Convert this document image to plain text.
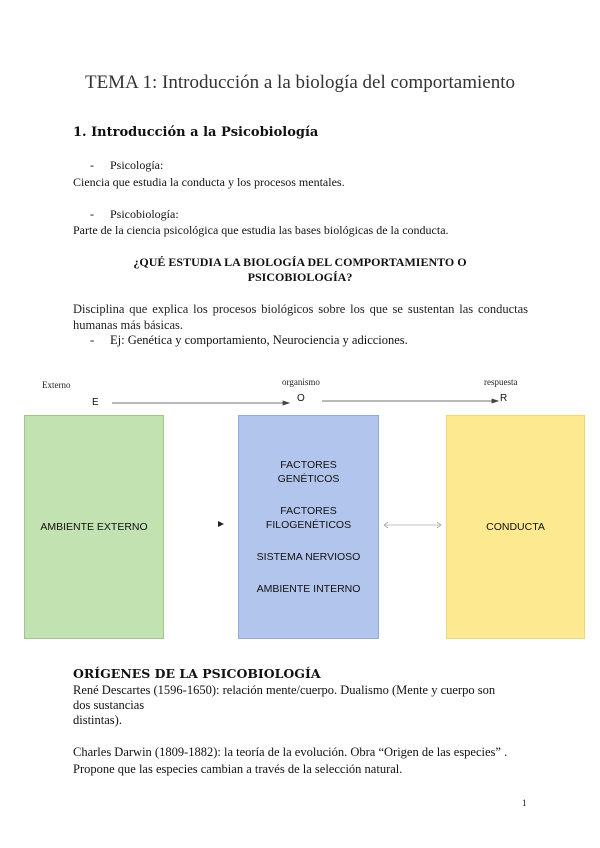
TEMA 1: Introducción a la biología del comportamiento
1. Introducción a la Psicobiología
- Psicología:
Ciencia que estudia la conducta y los procesos mentales.
- Psicobiología:
Parte de la ciencia psicológica que estudia las bases biológicas de la conducta.
¿QUÉ ESTUDIA LA BIOLOGÍA DEL COMPORTAMIENTO O
PSICOBIOLOGÍA?
Disciplina que explica los procesos biológicos sobre los que se sustentan las conductas humanas más básicas.
- Ej: Genética y comportamiento, Neurociencia y adicciones.
Externo	organismo	respuesta
E	O	R
AMBIENTE EXTERNO
FACTORES GENÉTICOS
FACTORES FILOGENÉTICOS
SISTEMA NERVIOSO
AMBIENTE INTERNO
CONDUCTA
ORÍGENES DE LA PSICOBIOLOGÍA
René Descartes (1596-1650): relación mente/cuerpo. Dualismo (Mente y cuerpo son
dos sustancias
distintas).
Charles Darwin (1809-1882): la teoría de la evolución. Obra “Origen de las especies” .
Propone que las especies cambian a través de la selección natural.
1
